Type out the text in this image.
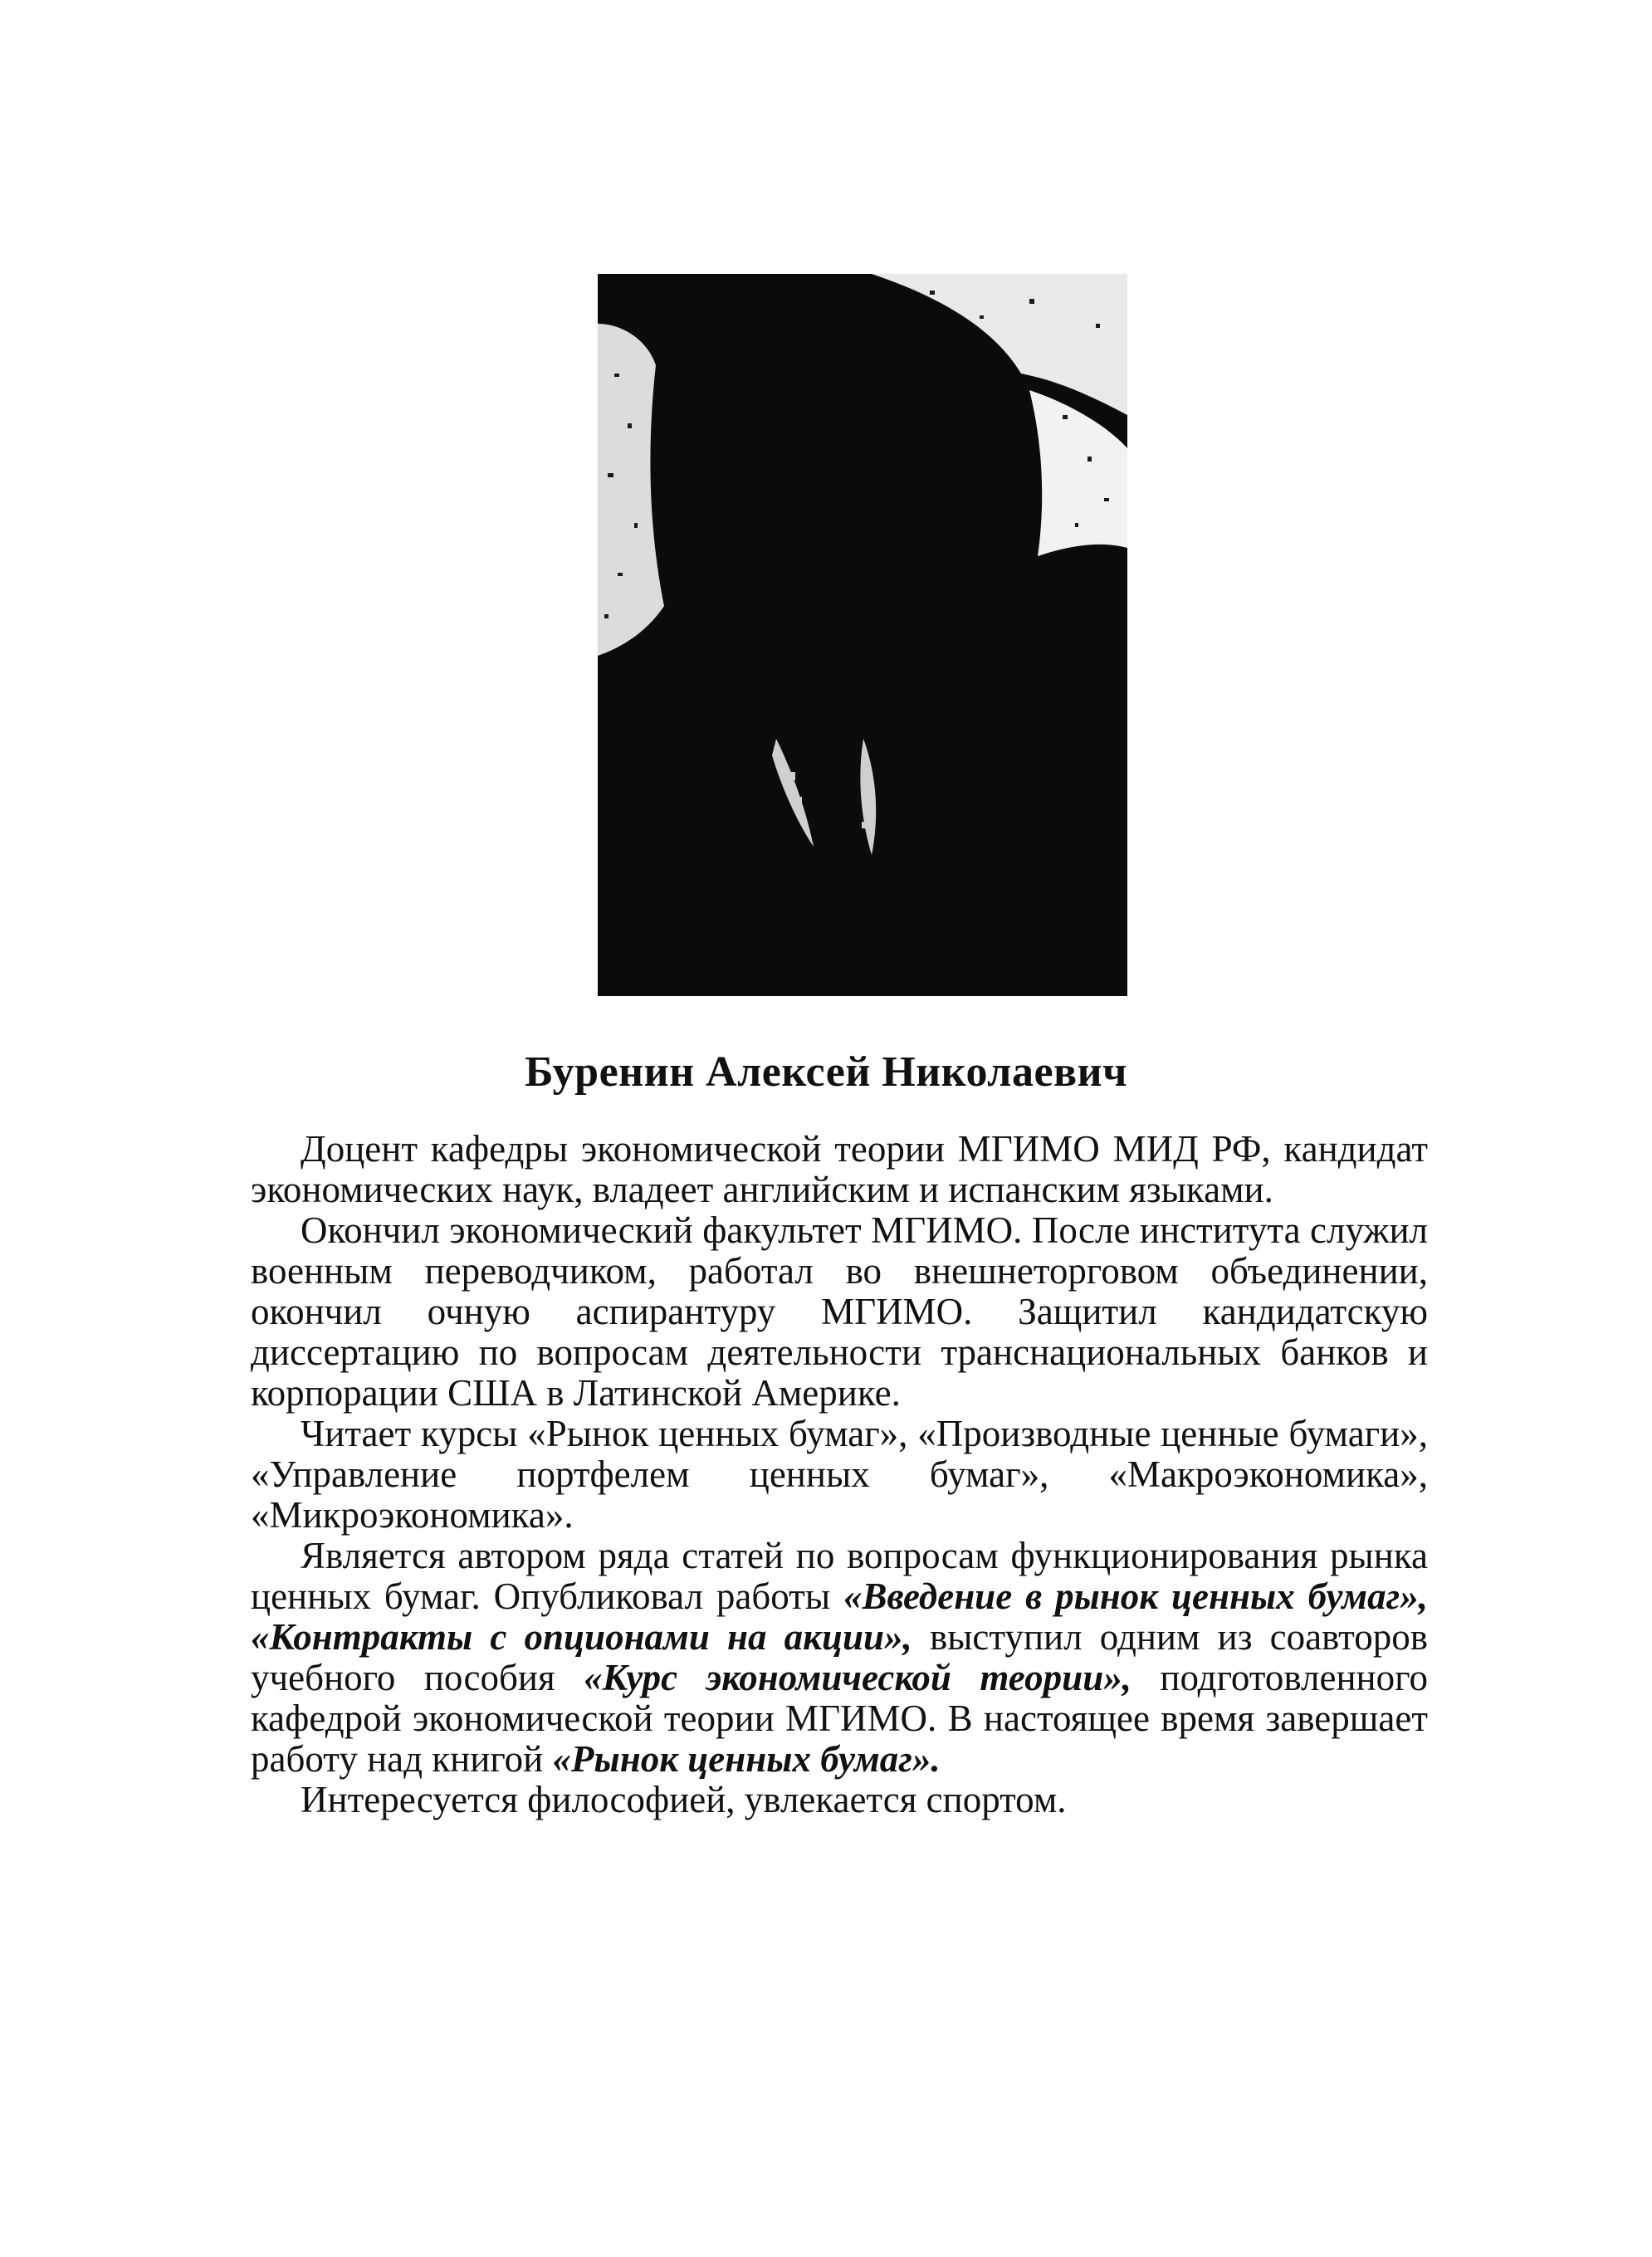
Буренин Алексей Николаевич

Доцент кафедры экономической теории МГИМО МИД РФ, кандидат экономических наук, владеет английским и испанским языками.

Окончил экономический факультет МГИМО. После института служил военным переводчиком, работал во внешнеторговом объединении, окончил очную аспирантуру МГИМО. Защитил кандидатскую диссертацию по вопросам деятельности транснациональных банков и корпорации США в Латинской Америке.

Читает курсы «Рынок ценных бумаг», «Производные ценные бумаги», «Управление портфелем ценных бумаг», «Макроэкономика», «Микроэкономика».

Является автором ряда статей по вопросам функционирования рынка ценных бумаг. Опубликовал работы «Введение в рынок ценных бумаг», «Контракты с опционами на акции», выступил одним из соавторов учебного пособия «Курс экономической теории», подготовленного кафедрой экономической теории МГИМО. В настоящее время завершает работу над книгой «Рынок ценных бумаг».

Интересуется философией, увлекается спортом.
